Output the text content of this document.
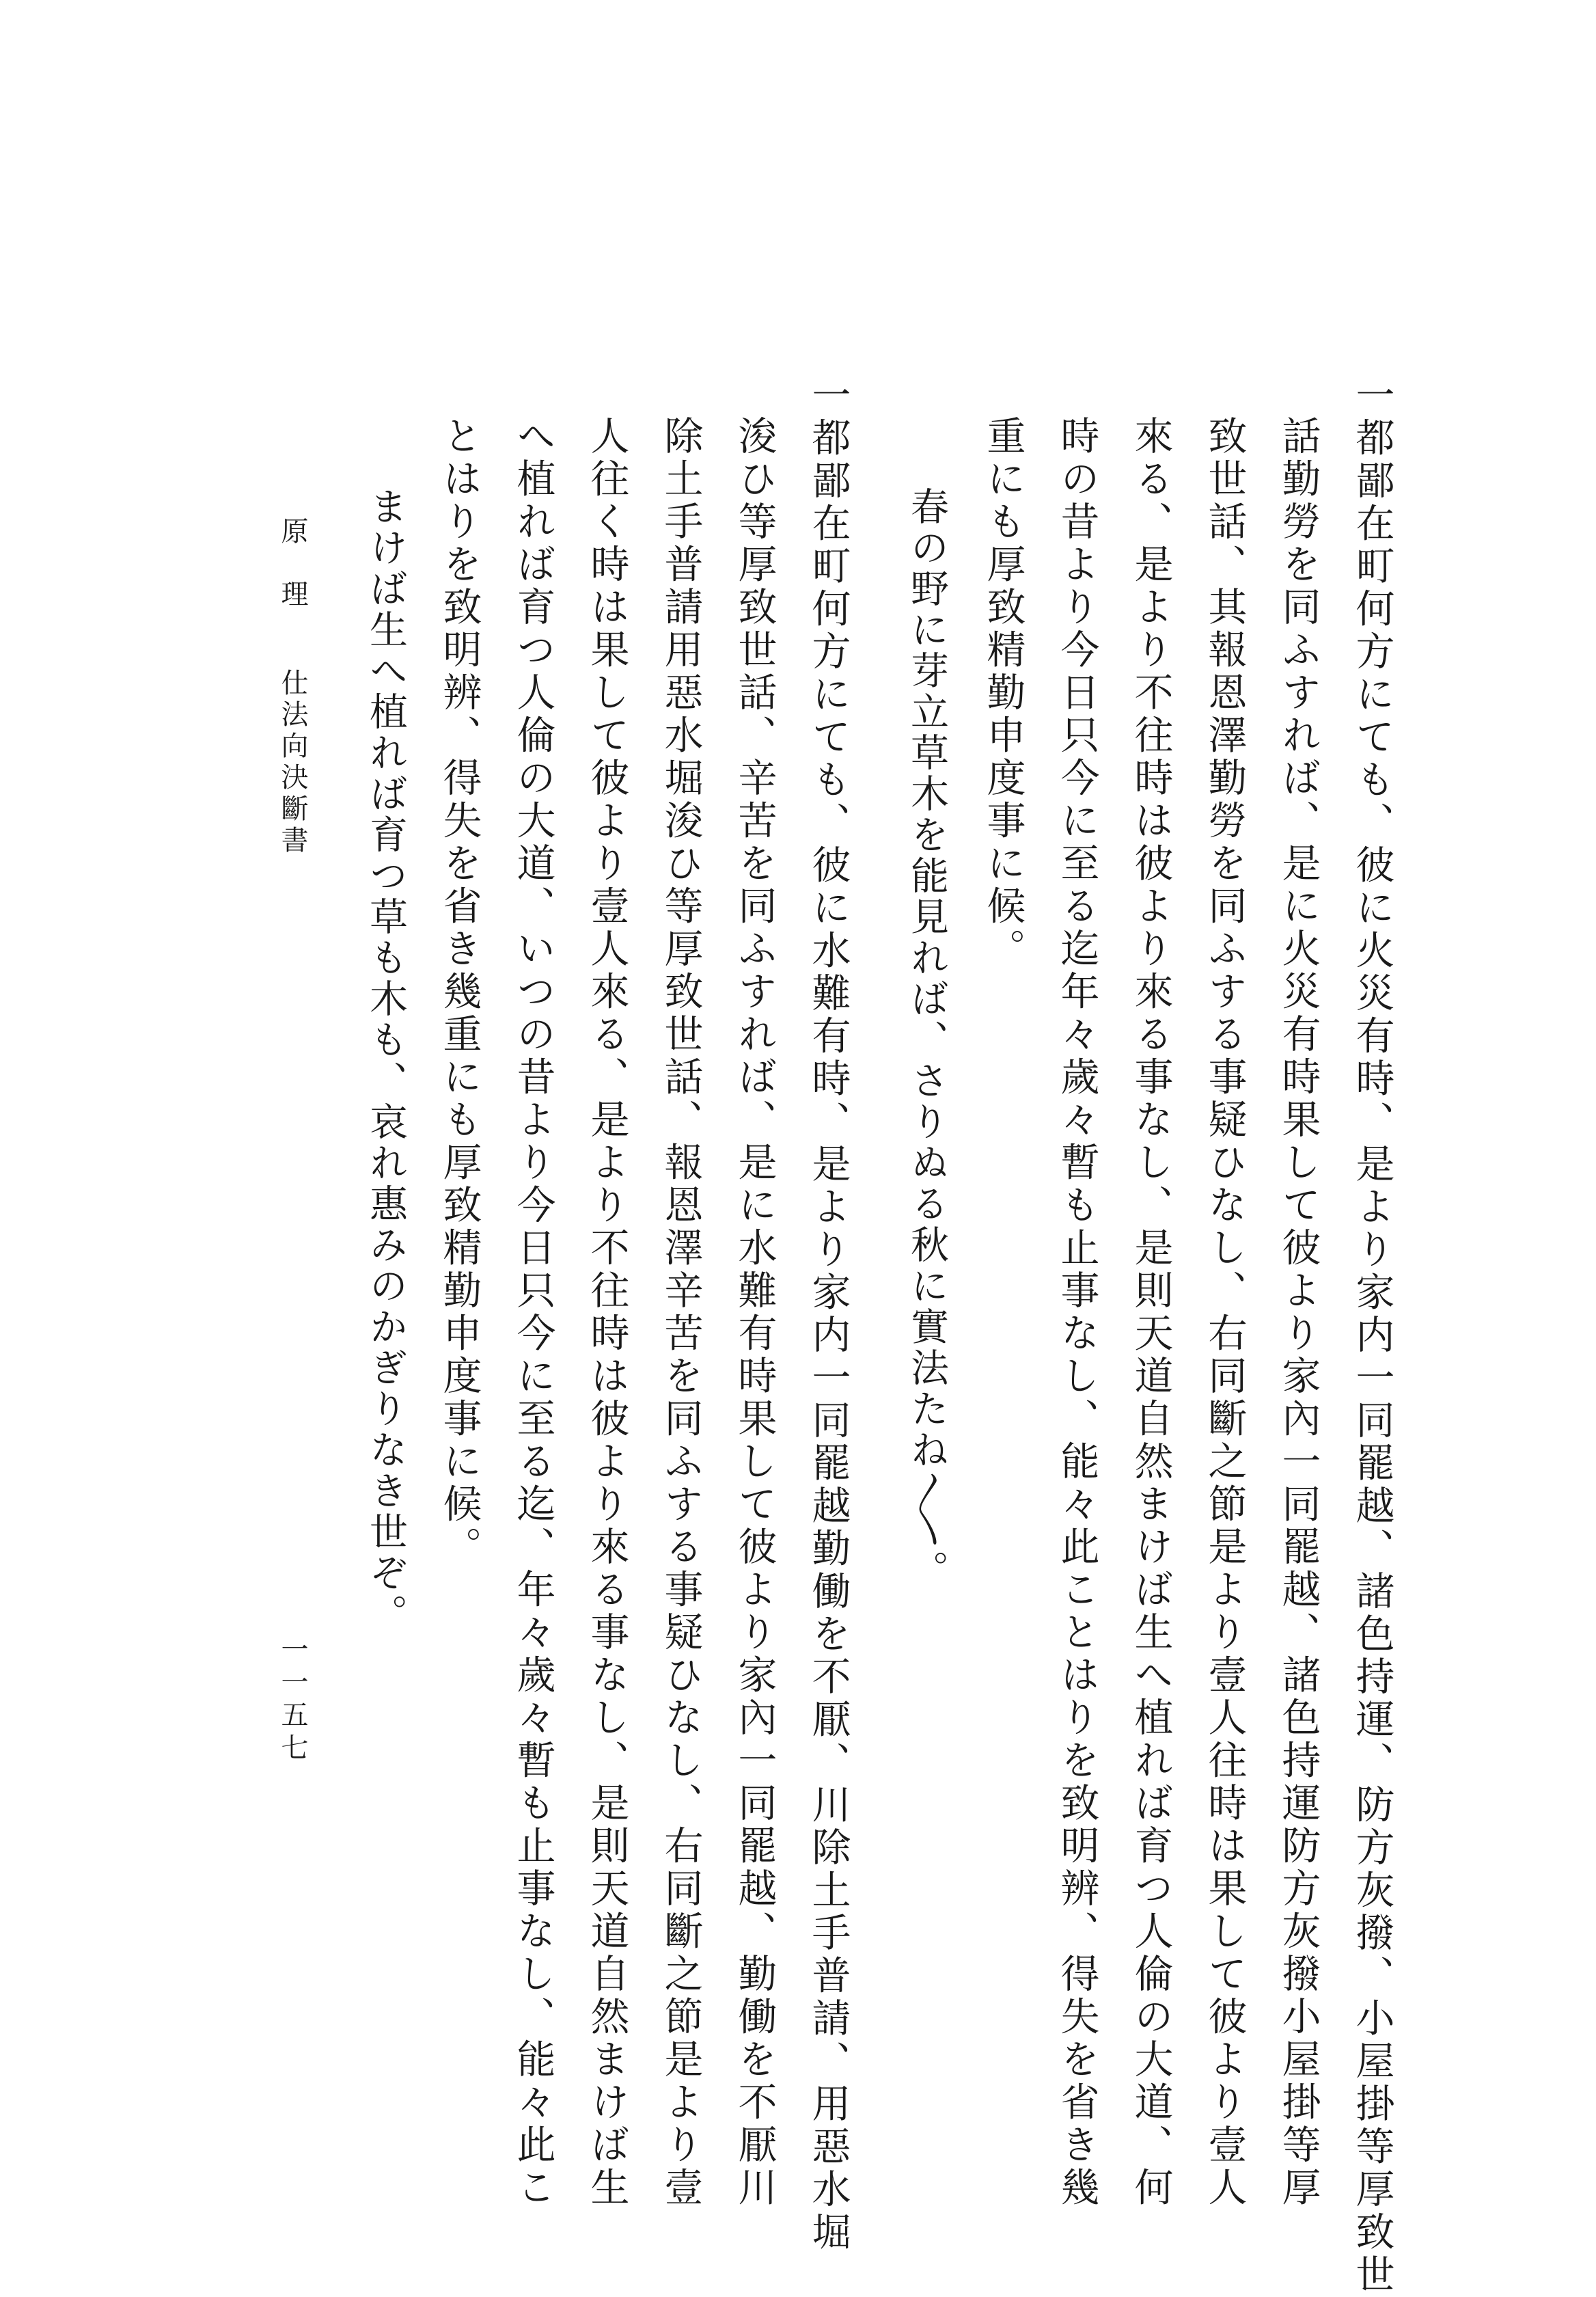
一都鄙在町何方にても、彼に火災有時、是より家内一同罷越、諸色持運、防方灰撥、小屋掛等厚致世
話勤勞を同ふすれば、是に火災有時果して彼より家內一同罷越、諸色持運防方灰撥小屋掛等厚
致世話、其報恩澤勤勞を同ふする事疑ひなし、右同斷之節是より壹人往時は果して彼より壹人
來る、是より不往時は彼より來る事なし、是則天道自然まけば生へ植れば育つ人倫の大道、何
時の昔より今日只今に至る迄年々歲々暫も止事なし、能々此ことはりを致明辨、得失を省き幾
重にも厚致精勤申度事に候。
春の野に芽立草木を能見れば、さりぬる秋に實法たね〳〵。
一都鄙在町何方にても、彼に水難有時、是より家内一同罷越勤働を不厭、川除土手普請、用惡水堀
浚ひ等厚致世話、辛苦を同ふすれば、是に水難有時果して彼より家內一同罷越、勤働を不厭川
除土手普請用惡水堀浚ひ等厚致世話、報恩澤辛苦を同ふする事疑ひなし、右同斷之節是より壹
人往く時は果して彼より壹人來る、是より不往時は彼より來る事なし、是則天道自然まけば生
へ植れば育つ人倫の大道、いつの昔より今日只今に至る迄、年々歲々暫も止事なし、能々此こ
とはりを致明辨、得失を省き幾重にも厚致精勤申度事に候。
まけば生へ植れば育つ草も木も、哀れ惠みのかぎりなき世ぞ。
原　理
仕法向決斷書
一一五七
